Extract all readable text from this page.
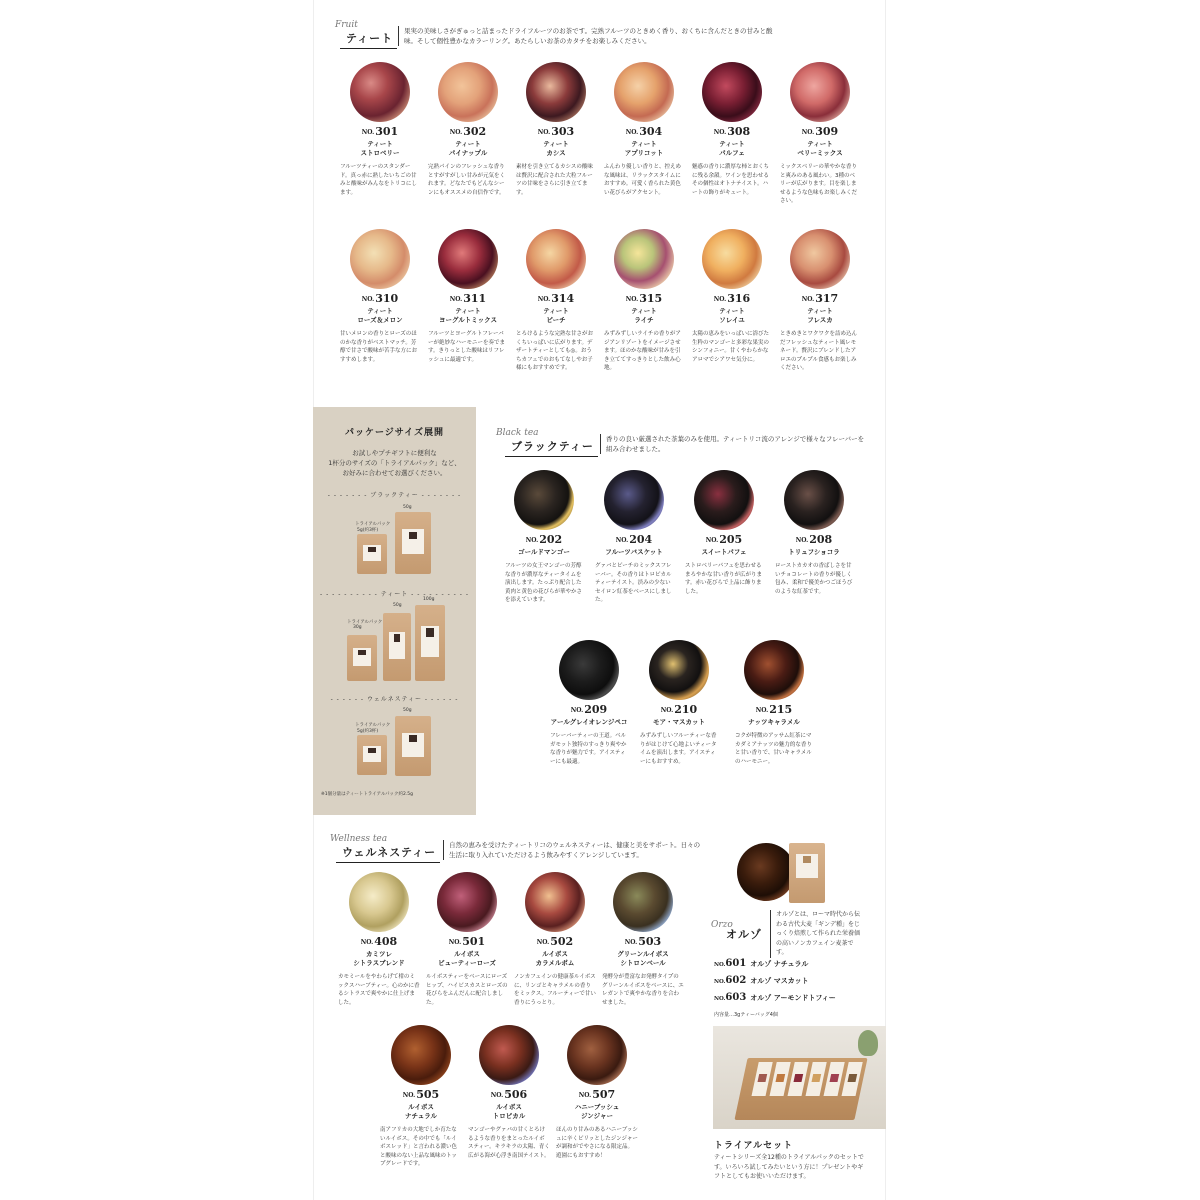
Fruit
ティート
果実の美味しさがぎゅっと詰まったドライフルーツのお茶です。完熟フルーツのときめく香り、おくちに含んだときの甘みと酸味。そして個性豊かなカラーリング。あたらしいお茶のカタチをお楽しみください。
NO.301
ティート
ストロベリー
フルーツティーのスタンダード。真っ赤に熟したいちごの甘みと酸味がみんなをトリコにします。
NO.302
ティート
パイナップル
完熟パインのフレッシュな香りとすがすがしい甘みが元気をくれます。どなたでもどんなシーンにもオススメの自信作です。
NO.303
ティート
カシス
素材を引き立てるカシスの酸味は贅沢に配合された大粒フルーツの甘味をさらに引き立てます。
NO.304
ティート
アプリコット
ふんわり優しい香りと、控えめな風味は、リラックスタイムにおすすめ。可愛く香られた黄色い花びらがアクセント。
NO.308
ティート
パルフェ
魅惑の香りに濃厚な柿とおくちに残る余韻。ワインを思わせるその個性はオトナテイスト。ハートの飾りがキュート。
NO.309
ティート
ベリーミックス
ミックスベリーの華やかな香りと爽みのある風わい。3種のベリーが広がります。目を楽しませるような色味もお楽しみください。
NO.310
ティート
ローズ＆メロン
甘いメロンの香りとローズのほのかな香りがベストマッチ。芳醇で甘さで酸味が苦手な方におすすめします。
NO.311
ティート
ヨーグルトミックス
フルーツとヨーグルトフレーバーが絶妙なハーモニーを奏でます。きりっとした酸味はリフレッシュに最適です。
NO.314
ティート
ピーチ
とろけるような完熟な甘さがおくちいっぱいに広がります。デザートティーとしても◎。おうちカフェでのおもてなしやお子様にもおすすめです。
NO.315
ティート
ライチ
みずみずしいライチの香りがアジアンリゾートをイメージさせます。ほのかな酸味が甘みを引き立ててすっきりとした飲み心地。
NO.316
ティート
ソレイユ
太陽の恵みをいっぱいに浴びた生粋のマンゴーと多彩な果実のシンフォニー。甘くやわらかなアロマでシアワセ気分に。
NO.317
ティート
フレスカ
ときめきとワクワクを詰め込んだフレッシュなティート風レモネード。贅沢にブレンドしたアロエのプルプル食感もお楽しみください。
パッケージサイズ展開
お試しやプチギフトに便利な
1杯分のサイズの「トライアルパック」など、
お好みに合わせてお選びください。
- - - - - - - ブラックティー - - - - - - -
トライアルパック
5g(約3杯)
50g
- - - - - - - - - - ティート - - - - - - - - - -
トライアルパック
30g
50g
100g
- - - - - - ウェルネスティー - - - - - -
トライアルパック
5g(約3杯)
50g
※1個分量はティートトライアルパック約2.5g
Black tea
ブラックティー
香りの良い厳選された茶葉のみを使用。ティートリコ流のアレンジで様々なフレーバーを組み合わせました。
NO.202
ゴールドマンゴー
フルーツの女王マンゴーの芳醇な香りが濃厚なティータイムを演出します。たっぷり配合した黄肉と黄色の花びらが華やかさを添えています。
NO.204
フルーツバスケット
グァバとピーチのミックスフレーバー。その香りはトロピカルティーテイスト。渋みの少ないセイロン紅茶をベースにしました。
NO.205
スイートパフェ
ストロベリーパフェを思わせるまろやかな甘い香りが広がります。赤い花びらで上品に飾りました。
NO.208
トリュフショコラ
ローストカカオの香ばしさを甘いチョコレートの香りが優しく包み、柔和で優美かつごほうびのような紅茶です。
NO.209
アールグレイオレンジペコ
フレーバーティーの王道。ベルガモット独特のすっきり爽やかな香りが魅力です。アイスティーにも最適。
NO.210
モア・マスカット
みずみずしいフルーティーな香りがはじけて心地よいティータイムを演出します。アイスティーにもおすすめ。
NO.215
ナッツキャラメル
コクが特徴のアッサム紅茶にマカダミアナッツの魅力的な香りと甘い香りで、甘いキャラメルのハーモニー。
Wellness tea
ウェルネスティー
自然の恵みを受けたティートリコのウェルネスティーは、健康と美をサポート。日々の生活に取り入れていただけるよう飲みやすくアレンジしています。
NO.408
カミツレ
シトラスブレンド
カモミールをやわらげて柑のミックスハーブティー。心のかに香るシトラスで爽やかに仕上げました。
NO.501
ルイボス
ビューティーローズ
ルイボスティーをベースにローズヒップ、ハイビスカスとローズの花びらをふんだんに配合しました。
NO.502
ルイボス
カラメルポム
ノンカフェインの健康茶ルイボスに、リンゴとキャラメルの香りをミックス。フルーティーで甘い香りにうっとり。
NO.503
グリーンルイボス
シトロンベール
発酵分が豊富なお発酵タイプのグリーンルイボスをベースに、エレガントで爽やかな香りを合わせました。
NO.505
ルイボス
ナチュラル
南アフリカの大地でしか育たないルイボス。その中でも「ルイボスレッド」と言われる濃い色と酸味のない上品な風味のトップグレードです。
NO.506
ルイボス
トロピカル
マンゴーやグァバの甘くとろけるような香りをまとったルイボスティー。キラキラの太陽、青く広がる海が心浮き南国テイスト。
NO.507
ハニーブッシュ
ジンジャー
ほんのり甘みのあるハニーブッシュに辛くピリッとしたジンジャーが調和がでやさになる限定品。遊園にもおすすめ！
Orzo
オルゾ
オルゾとは、ローマ時代から伝わる古代大麦「ギンデ種」をじっくり焙煎して作られた栄養価の高いノンカフェイン麦茶です。
NO.601 オルゾ ナチュラル
NO.602 オルゾ マスカット
NO.603 オルゾ アーモンドトフィー
内容量…3gティーバッグ4個
トライアルセット
ティートシリーズ全12種のトライアルパックのセットです。いろいろ試してみたいという方に！プレゼントやギフトとしてもお使いいただけます。
